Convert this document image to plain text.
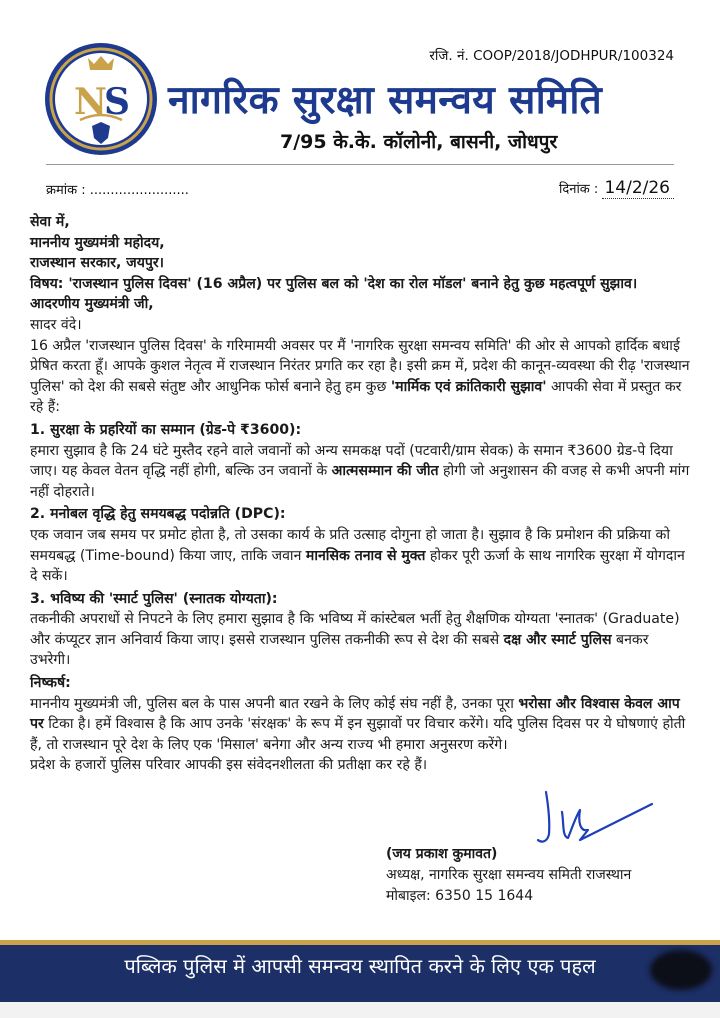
N
S
रजि. नं. COOP/2018/JODHPUR/100324
नागरिक सुरक्षा समन्वय समिति
7/95 के.के. कॉलोनी, बासनी, जोधपुर
क्रमांक : ........................	दिनांक : 14/2/26

सेवा में,

माननीय मुख्यमंत्री महोदय,

राजस्थान सरकार, जयपुर।

विषय: 'राजस्थान पुलिस दिवस' (16 अप्रैल) पर पुलिस बल को 'देश का रोल मॉडल' बनाने हेतु कुछ महत्वपूर्ण सुझाव।

आदरणीय मुख्यमंत्री जी,

सादर वंदे।

16 अप्रैल 'राजस्थान पुलिस दिवस' के गरिमामयी अवसर पर मैं 'नागरिक सुरक्षा समन्वय समिति' की ओर से आपको हार्दिक बधाई प्रेषित करता हूँ। आपके कुशल नेतृत्व में राजस्थान निरंतर प्रगति कर रहा है। इसी क्रम में, प्रदेश की कानून-व्यवस्था की रीढ़ 'राजस्थान पुलिस' को देश की सबसे संतुष्ट और आधुनिक फोर्स बनाने हेतु हम कुछ 'मार्मिक एवं क्रांतिकारी सुझाव' आपकी सेवा में प्रस्तुत कर रहे हैं:

1. सुरक्षा के प्रहरियों का सम्मान (ग्रेड-पे ₹3600):

हमारा सुझाव है कि 24 घंटे मुस्तैद रहने वाले जवानों को अन्य समकक्ष पदों (पटवारी/ग्राम सेवक) के समान ₹3600 ग्रेड-पे दिया जाए। यह केवल वेतन वृद्धि नहीं होगी, बल्कि उन जवानों के आत्मसम्मान की जीत होगी जो अनुशासन की वजह से कभी अपनी मांग नहीं दोहराते।

2. मनोबल वृद्धि हेतु समयबद्ध पदोन्नति (DPC):

एक जवान जब समय पर प्रमोट होता है, तो उसका कार्य के प्रति उत्साह दोगुना हो जाता है। सुझाव है कि प्रमोशन की प्रक्रिया को समयबद्ध (Time-bound) किया जाए, ताकि जवान मानसिक तनाव से मुक्त होकर पूरी ऊर्जा के साथ नागरिक सुरक्षा में योगदान दे सकें।

3. भविष्य की 'स्मार्ट पुलिस' (स्नातक योग्यता):

तकनीकी अपराधों से निपटने के लिए हमारा सुझाव है कि भविष्य में कांस्टेबल भर्ती हेतु शैक्षणिक योग्यता 'स्नातक' (Graduate) और कंप्यूटर ज्ञान अनिवार्य किया जाए। इससे राजस्थान पुलिस तकनीकी रूप से देश की सबसे दक्ष और स्मार्ट पुलिस बनकर उभरेगी।

निष्कर्ष:

माननीय मुख्यमंत्री जी, पुलिस बल के पास अपनी बात रखने के लिए कोई संघ नहीं है, उनका पूरा भरोसा और विश्वास केवल आप पर टिका है। हमें विश्वास है कि आप उनके 'संरक्षक' के रूप में इन सुझावों पर विचार करेंगे। यदि पुलिस दिवस पर ये घोषणाएं होती हैं, तो राजस्थान पूरे देश के लिए एक 'मिसाल' बनेगा और अन्य राज्य भी हमारा अनुसरण करेंगे।

प्रदेश के हजारों पुलिस परिवार आपकी इस संवेदनशीलता की प्रतीक्षा कर रहे हैं।

(जय प्रकाश कुमावत)
अध्यक्ष, नागरिक सुरक्षा समन्वय समिती राजस्थान
मोबाइल: 6350 15 1644
पब्लिक पुलिस में आपसी समन्वय स्थापित करने के लिए एक पहल
